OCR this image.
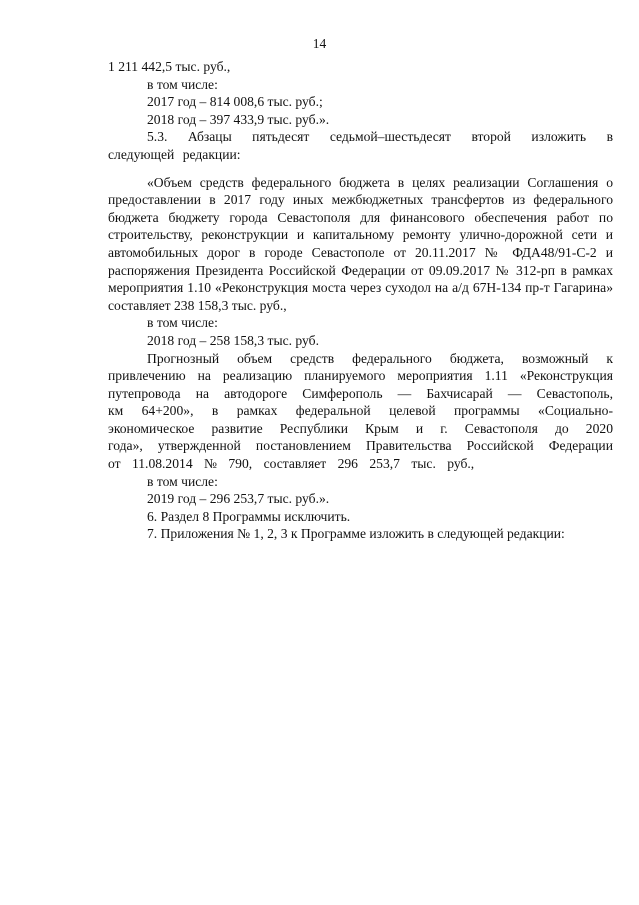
14

1 211 442,5 тыс. руб.,

в том числе:

2017 год – 814 008,6 тыс. руб.;

2018 год – 397 433,9 тыс. руб.».

5.3. Абзацы пятьдесят седьмой–шестьдесят второй изложить в следующей редакции:

«Объем средств федерального бюджета в целях реализации Соглашения о предоставлении в 2017 году иных межбюджетных трансфертов из федерального бюджета бюджету города Севастополя для финансового обеспечения работ по строительству, реконструкции и капитальному ремонту улично-дорожной сети и автомобильных дорог в городе Севастополе от 20.11.2017 № ФДА48/91-С-2 и распоряжения Президента Российской Федерации от 09.09.2017 № 312-рп в рамках мероприятия 1.10 «Реконструкция моста через суходол на а/д 67Н-134 пр-т Гагарина» составляет 238 158,3 тыс. руб.,

в том числе:

2018 год – 258 158,3 тыс. руб.

Прогнозный объем средств федерального бюджета, возможный к привлечению на реализацию планируемого мероприятия 1.11 «Реконструкция путепровода на автодороге Симферополь — Бахчисарай — Севастополь, км 64+200», в рамках федеральной целевой программы «Социально-экономическое развитие Республики Крым и г. Севастополя до 2020 года», утвержденной постановлением Правительства Российской Федерации от 11.08.2014 № 790, составляет 296 253,7 тыс. руб.,

в том числе:

2019 год – 296 253,7 тыс. руб.».

6. Раздел 8 Программы исключить.

7. Приложения № 1, 2, 3 к Программе изложить в следующей редакции:
